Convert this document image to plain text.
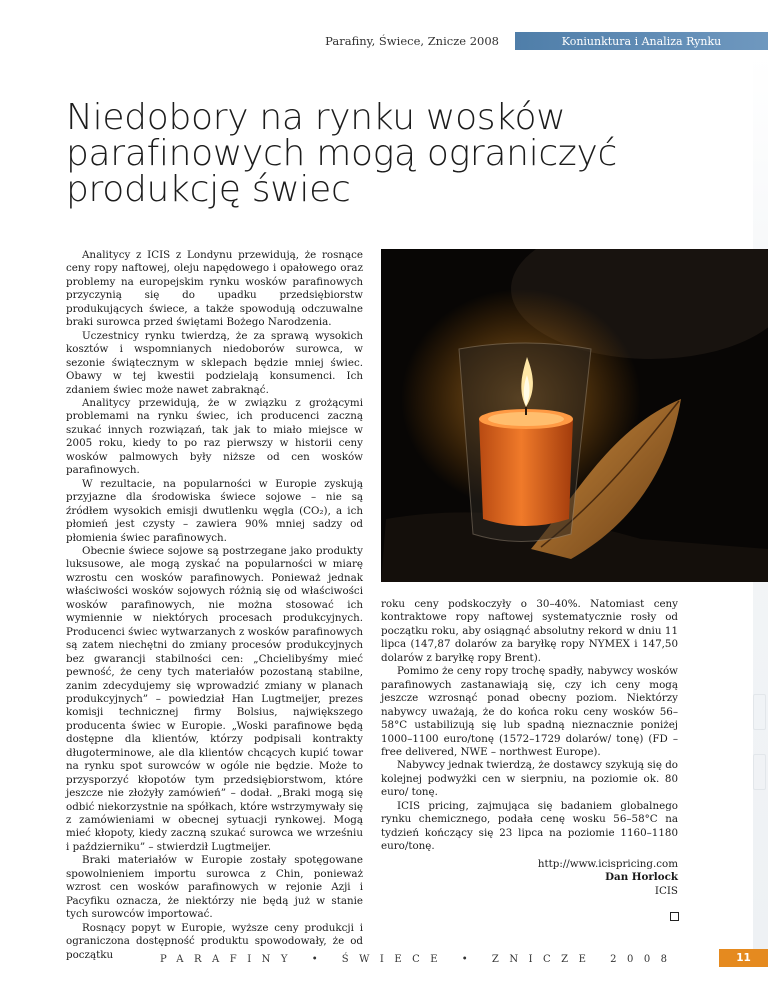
Parafiny, Świece, Znicze 2008	Koniunktura i Analiza Rynku
Niedobory na rynku wosków parafinowych mogą ograniczyć produkcję świec

Analitycy z ICIS z Londynu przewidują, że rosnące ceny ropy naftowej, oleju napędowego i opałowego oraz problemy na europejskim rynku wosków parafinowych przyczynią się do upadku przedsiębiorstw produkujących świece, a także spowodują odczuwalne braki surowca przed świętami Bożego Narodzenia.

Uczestnicy rynku twierdzą, że za sprawą wysokich kosztów i wspomnianych niedoborów surowca, w sezonie świątecznym w sklepach będzie mniej świec. Obawy w tej kwestii podzielają konsumenci. Ich zdaniem świec może nawet zabraknąć.

Analitycy przewidują, że w związku z grożącymi problemami na rynku świec, ich producenci zaczną szukać innych rozwiązań, tak jak to miało miejsce w 2005 roku, kiedy to po raz pierwszy w historii ceny wosków palmowych były niższe od cen wosków parafinowych.

W rezultacie, na popularności w Europie zyskują przyjazne dla środowiska świece sojowe – nie są źródłem wysokich emisji dwutlenku węgla (CO₂), a ich płomień jest czysty – zawiera 90% mniej sadzy od płomienia świec parafinowych.

Obecnie świece sojowe są postrzegane jako produkty luksusowe, ale mogą zyskać na popularności w miarę wzrostu cen wosków parafinowych. Ponieważ jednak właściwości wosków sojowych różnią się od właściwości wosków parafinowych, nie można stosować ich wymiennie w niektórych procesach produkcyjnych. Producenci świec wytwarzanych z wosków parafinowych są zatem niechętni do zmiany procesów produkcyjnych bez gwarancji stabilności cen: „Chcielibyśmy mieć pewność, że ceny tych materiałów pozostaną stabilne, zanim zdecydujemy się wprowadzić zmiany w planach produkcyjnych” – powiedział Han Lugtmeijer, prezes komisji technicznej firmy Bolsius, największego producenta świec w Europie. „Woski parafinowe będą dostępne dla klientów, którzy podpisali kontrakty długoterminowe, ale dla klientów chcących kupić towar na rynku spot surowców w ogóle nie będzie. Może to przysporzyć kłopotów tym przedsiębiorstwom, które jeszcze nie złożyły zamówień” – dodał. „Braki mogą się odbić niekorzystnie na spółkach, które wstrzymywały się z zamówieniami w obecnej sytuacji rynkowej. Mogą mieć kłopoty, kiedy zaczną szukać surowca we wrześniu i październiku” – stwierdził Lugtmeijer.

Braki materiałów w Europie zostały spotęgowane spowolnieniem importu surowca z Chin, ponieważ wzrost cen wosków parafinowych w rejonie Azji i Pacyfiku oznacza, że niektórzy nie będą już w stanie tych surowców importować.

Rosnący popyt w Europie, wyższe ceny produkcji i ograniczona dostępność produktu spowodowały, że od początku

roku ceny podskoczyły o 30–40%. Natomiast ceny kontraktowe ropy naftowej systematycznie rosły od początku roku, aby osiągnąć absolutny rekord w dniu 11 lipca (147,87 dolarów za baryłkę ropy NYMEX i 147,50 dolarów z baryłkę ropy Brent).

Pomimo że ceny ropy trochę spadły, nabywcy wosków parafinowych zastanawiają się, czy ich ceny mogą jeszcze wzrosnąć ponad obecny poziom. Niektórzy nabywcy uważają, że do końca roku ceny wosków 56–58°C ustabilizują się lub spadną nieznacznie poniżej 1000–1100 euro/tonę (1572–1729 dolarów/ tonę) (FD – free delivered, NWE – northwest Europe).

Nabywcy jednak twierdzą, że dostawcy szykują się do kolejnej podwyżki cen w sierpniu, na poziomie ok. 80 euro/ tonę.

ICIS pricing, zajmująca się badaniem globalnego rynku chemicznego, podała cenę wosku 56–58°C na tydzień kończący się 23 lipca na poziomie 1160–1180 euro/tonę.

http://www.icispricing.com
Dan Horlock
ICIS
PARAFINY • ŚWIECE • ZNICZE 2008	11
